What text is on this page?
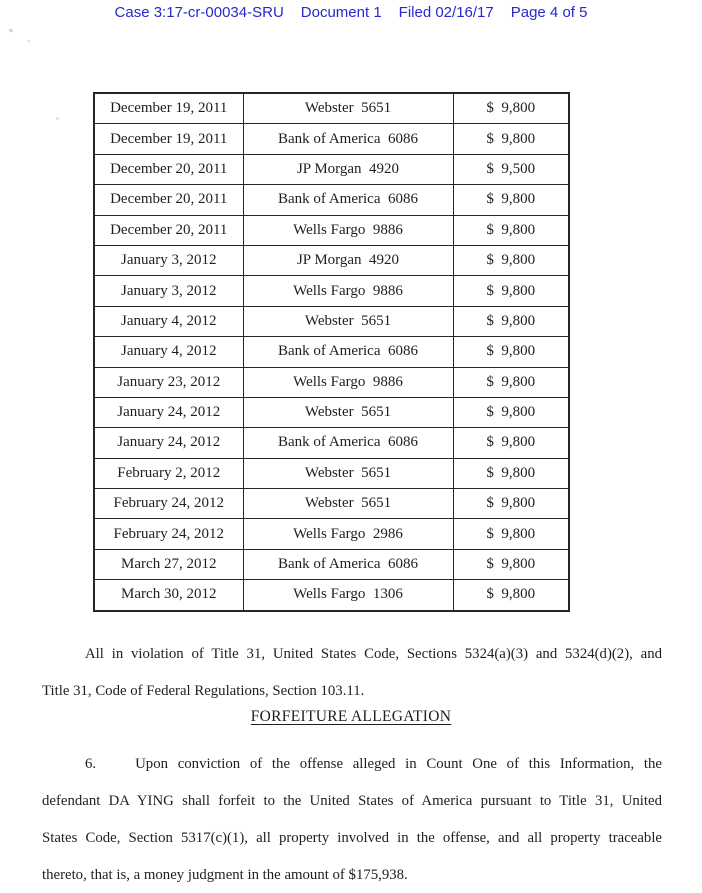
Case 3:17-cr-00034-SRU Document 1 Filed 02/16/17 Page 4 of 5
December 19, 2011	Webster  5651	$  9,800
December 19, 2011	Bank of America  6086	$  9,800
December 20, 2011	JP Morgan  4920	$  9,500
December 20, 2011	Bank of America  6086	$  9,800
December 20, 2011	Wells Fargo  9886	$  9,800
January 3, 2012	JP Morgan  4920	$  9,800
January 3, 2012	Wells Fargo  9886	$  9,800
January 4, 2012	Webster  5651	$  9,800
January 4, 2012	Bank of America  6086	$  9,800
January 23, 2012	Wells Fargo  9886	$  9,800
January 24, 2012	Webster  5651	$  9,800
January 24, 2012	Bank of America  6086	$  9,800
February 2, 2012	Webster  5651	$  9,800
February 24, 2012	Webster  5651	$  9,800
February 24, 2012	Wells Fargo  2986	$  9,800
March 27, 2012	Bank of America  6086	$  9,800
March 30, 2012	Wells Fargo  1306	$  9,800
All in violation of Title 31, United States Code, Sections 5324(a)(3) and 5324(d)(2), and
Title 31, Code of Federal Regulations, Section 103.11.
FORFEITURE ALLEGATION
6.	Upon conviction of the offense alleged in Count One of this Information, the
defendant DA YING shall forfeit to the United States of America pursuant to Title 31, United
States Code, Section 5317(c)(1), all property involved in the offense, and all property traceable
thereto, that is, a money judgment in the amount of $175,938.
